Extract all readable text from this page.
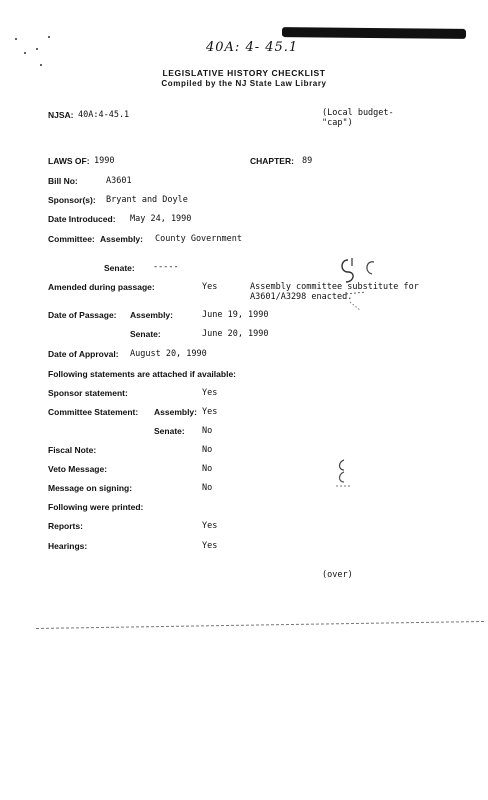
40A: 4- 45.1
LEGISLATIVE HISTORY CHECKLIST
Compiled by the NJ State Law Library
NJSA: 40A:4-45.1	(Local budget-
"cap")
LAWS OF: 1990	CHAPTER: 89
Bill No:	A3601
Sponsor(s): Bryant and Doyle
Date Introduced: May 24, 1990
Committee: Assembly: County Government
Senate: -----
Amended during passage:	Yes	Assembly committee substitute for
A3601/A3298 enacted.
Date of Passage: Assembly:	June 19, 1990
Senate:	June 20, 1990
Date of Approval: August 20, 1990
Following statements are attached if available:
Sponsor statement:	Yes
Committee Statement: Assembly: Yes
Senate: No
Fiscal Note:	No
Veto Message:	No
Message on signing:	No
Following were printed:
Reports:	Yes
Hearings:	Yes
(over)
